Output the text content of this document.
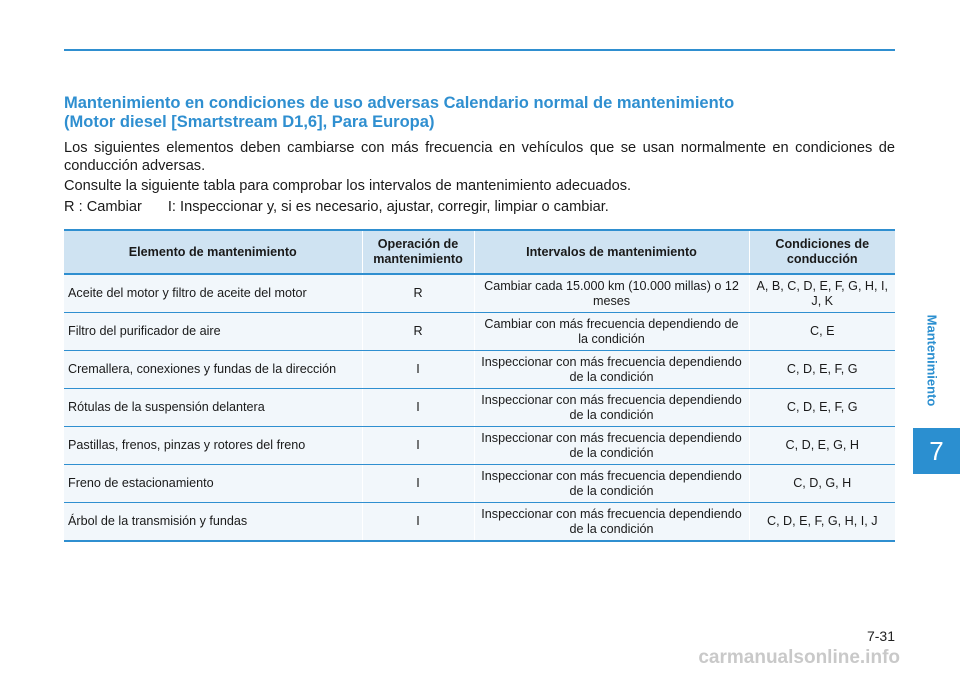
Mantenimiento
7
Mantenimiento en condiciones de uso adversas Calendario normal de mantenimiento
(Motor diesel [Smartstream D1,6], Para Europa)

Los siguientes elementos deben cambiarse con más frecuencia en vehículos que se usan normalmente en condiciones de conducción adversas.

Consulte la siguiente tabla para comprobar los intervalos de mantenimiento adecuados.

R : Cambiar I: Inspeccionar y, si es necesario, ajustar, corregir, limpiar o cambiar.

Elemento de mantenimiento	Operación de mantenimiento	Intervalos de mantenimiento	Condiciones de conducción
Aceite del motor y filtro de aceite del motor	R	Cambiar cada 15.000 km (10.000 millas) o 12 meses	A, B, C, D, E, F, G, H, I, J, K
Filtro del purificador de aire	R	Cambiar con más frecuencia dependiendo de la condición	C, E
Cremallera, conexiones y fundas de la dirección	I	Inspeccionar con más frecuencia dependiendo de la condición	C, D, E, F, G
Rótulas de la suspensión delantera	I	Inspeccionar con más frecuencia dependiendo de la condición	C, D, E, F, G
Pastillas, frenos, pinzas y rotores del freno	I	Inspeccionar con más frecuencia dependiendo de la condición	C, D, E, G, H
Freno de estacionamiento	I	Inspeccionar con más frecuencia dependiendo de la condición	C, D, G, H
Árbol de la transmisión y fundas	I	Inspeccionar con más frecuencia dependiendo de la condición	C, D, E, F, G, H, I, J
7-31
carmanualsonline.info
